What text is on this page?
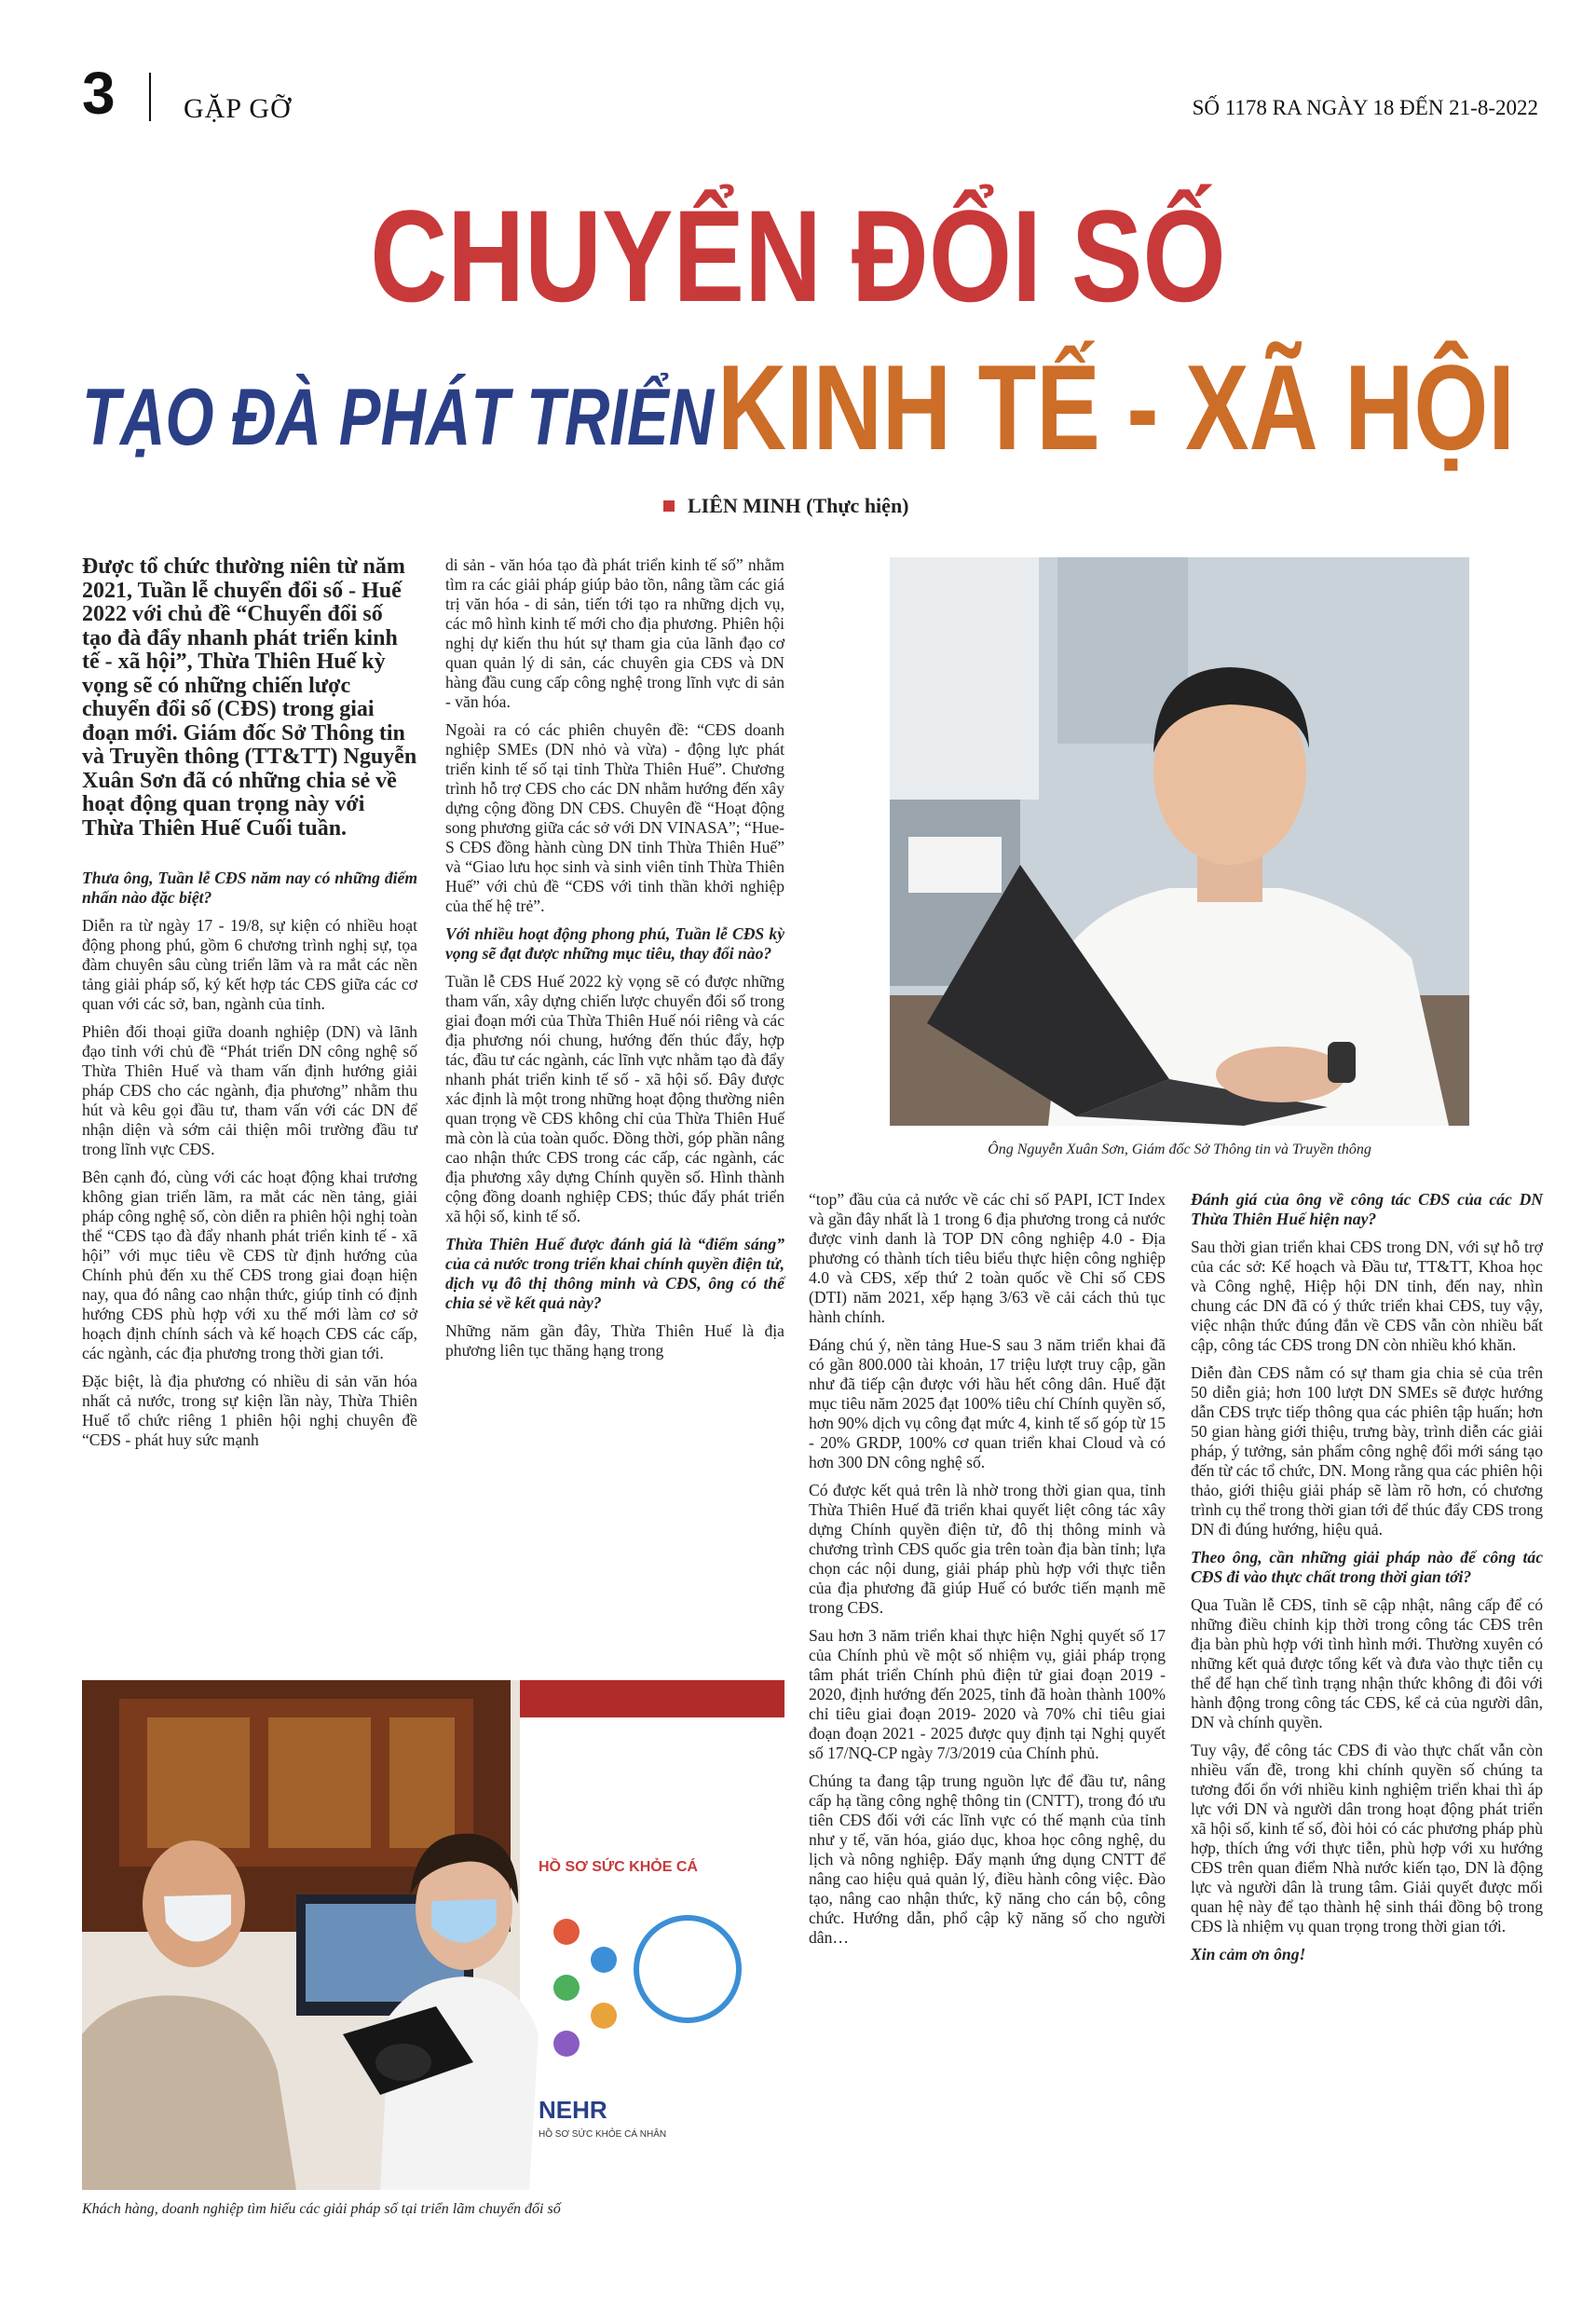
3 GẶP GỠ	SỐ 1178 RA NGÀY 18 ĐẾN 21-8-2022
CHUYỂN ĐỔI SỐ
TẠO ĐÀ PHÁT TRIỂN KINH TẾ - XÃ HỘI
LIÊN MINH (Thực hiện)

Được tổ chức thường niên từ năm 2021, Tuần lễ chuyển đổi số - Huế 2022 với chủ đề “Chuyển đổi số tạo đà đẩy nhanh phát triển kinh tế - xã hội”, Thừa Thiên Huế kỳ vọng sẽ có những chiến lược chuyển đổi số (CĐS) trong giai đoạn mới. Giám đốc Sở Thông tin và Truyền thông (TT&TT) Nguyễn Xuân Sơn đã có những chia sẻ về hoạt động quan trọng này với Thừa Thiên Huế Cuối tuần.

Thưa ông, Tuần lễ CĐS năm nay có những điểm nhấn nào đặc biệt?

Diễn ra từ ngày 17 - 19/8, sự kiện có nhiều hoạt động phong phú, gồm 6 chương trình nghị sự, tọa đàm chuyên sâu cùng triển lãm và ra mắt các nền tảng giải pháp số, ký kết hợp tác CĐS giữa các cơ quan với các sở, ban, ngành của tỉnh.

Phiên đối thoại giữa doanh nghiệp (DN) và lãnh đạo tỉnh với chủ đề “Phát triển DN công nghệ số Thừa Thiên Huế và tham vấn định hướng giải pháp CĐS cho các ngành, địa phương” nhằm thu hút và kêu gọi đầu tư, tham vấn với các DN để nhận diện và sớm cải thiện môi trường đầu tư trong lĩnh vực CĐS.

Bên cạnh đó, cùng với các hoạt động khai trương không gian triển lãm, ra mắt các nền tảng, giải pháp công nghệ số, còn diễn ra phiên hội nghị toàn thể “CĐS tạo đà đẩy nhanh phát triển kinh tế - xã hội” với mục tiêu về CĐS từ định hướng của Chính phủ đến xu thế CĐS trong giai đoạn hiện nay, qua đó nâng cao nhận thức, giúp tỉnh có định hướng CĐS phù hợp với xu thế mới làm cơ sở hoạch định chính sách và kế hoạch CĐS các cấp, các ngành, các địa phương trong thời gian tới.

Đặc biệt, là địa phương có nhiều di sản văn hóa nhất cả nước, trong sự kiện lần này, Thừa Thiên Huế tổ chức riêng 1 phiên hội nghị chuyên đề “CĐS - phát huy sức mạnh

di sản - văn hóa tạo đà phát triển kinh tế số” nhằm tìm ra các giải pháp giúp bảo tồn, nâng tầm các giá trị văn hóa - di sản, tiến tới tạo ra những dịch vụ, các mô hình kinh tế mới cho địa phương. Phiên hội nghị dự kiến thu hút sự tham gia của lãnh đạo cơ quan quản lý di sản, các chuyên gia CĐS và DN hàng đầu cung cấp công nghệ trong lĩnh vực di sản - văn hóa.

Ngoài ra có các phiên chuyên đề: “CĐS doanh nghiệp SMEs (DN nhỏ và vừa) - động lực phát triển kinh tế số tại tỉnh Thừa Thiên Huế”. Chương trình hỗ trợ CĐS cho các DN nhằm hướng đến xây dựng cộng đồng DN CĐS. Chuyên đề “Hoạt động song phương giữa các sở với DN VINASA”; “Hue-S CĐS đồng hành cùng DN tỉnh Thừa Thiên Huế” và “Giao lưu học sinh và sinh viên tỉnh Thừa Thiên Huế” với chủ đề “CĐS với tinh thần khởi nghiệp của thế hệ trẻ”.

Với nhiều hoạt động phong phú, Tuần lễ CĐS kỳ vọng sẽ đạt được những mục tiêu, thay đổi nào?

Tuần lễ CĐS Huế 2022 kỳ vọng sẽ có được những tham vấn, xây dựng chiến lược chuyển đổi số trong giai đoạn mới của Thừa Thiên Huế nói riêng và các địa phương nói chung, hướng đến thúc đẩy, hợp tác, đầu tư các ngành, các lĩnh vực nhằm tạo đà đẩy nhanh phát triển kinh tế số - xã hội số. Đây được xác định là một trong những hoạt động thường niên quan trọng về CĐS không chỉ của Thừa Thiên Huế mà còn là của toàn quốc. Đồng thời, góp phần nâng cao nhận thức CĐS trong các cấp, các ngành, các địa phương xây dựng Chính quyền số. Hình thành cộng đồng doanh nghiệp CĐS; thúc đẩy phát triển xã hội số, kinh tế số.

Thừa Thiên Huế được đánh giá là “điểm sáng” của cả nước trong triển khai chính quyền điện tử, dịch vụ đô thị thông minh và CĐS, ông có thể chia sẻ về kết quả này?

Những năm gần đây, Thừa Thiên Huế là địa phương liên tục thăng hạng trong

Ông Nguyễn Xuân Sơn, Giám đốc Sở Thông tin và Truyền thông

“top” đầu của cả nước về các chỉ số PAPI, ICT Index và gần đây nhất là 1 trong 6 địa phương trong cả nước được vinh danh là TOP DN công nghiệp 4.0 - Địa phương có thành tích tiêu biểu thực hiện công nghiệp 4.0 và CĐS, xếp thứ 2 toàn quốc về Chỉ số CĐS (DTI) năm 2021, xếp hạng 3/63 về cải cách thủ tục hành chính.

Đáng chú ý, nền tảng Hue-S sau 3 năm triển khai đã có gần 800.000 tài khoản, 17 triệu lượt truy cập, gần như đã tiếp cận được với hầu hết công dân. Huế đặt mục tiêu năm 2025 đạt 100% tiêu chí Chính quyền số, hơn 90% dịch vụ công đạt mức 4, kinh tế số góp từ 15 - 20% GRDP, 100% cơ quan triển khai Cloud và có hơn 300 DN công nghệ số.

Có được kết quả trên là nhờ trong thời gian qua, tỉnh Thừa Thiên Huế đã triển khai quyết liệt công tác xây dựng Chính quyền điện tử, đô thị thông minh và chương trình CĐS quốc gia trên toàn địa bàn tỉnh; lựa chọn các nội dung, giải pháp phù hợp với thực tiễn của địa phương đã giúp Huế có bước tiến mạnh mẽ trong CĐS.

Sau hơn 3 năm triển khai thực hiện Nghị quyết số 17 của Chính phủ về một số nhiệm vụ, giải pháp trọng tâm phát triển Chính phủ điện tử giai đoạn 2019 - 2020, định hướng đến 2025, tỉnh đã hoàn thành 100% chỉ tiêu giai đoạn 2019- 2020 và 70% chỉ tiêu giai đoạn đoạn 2021 - 2025 được quy định tại Nghị quyết số 17/NQ-CP ngày 7/3/2019 của Chính phủ.

Chúng ta đang tập trung nguồn lực để đầu tư, nâng cấp hạ tầng công nghệ thông tin (CNTT), trong đó ưu tiên CĐS đối với các lĩnh vực có thế mạnh của tỉnh như y tế, văn hóa, giáo dục, khoa học công nghệ, du lịch và nông nghiệp. Đẩy mạnh ứng dụng CNTT để nâng cao hiệu quả quản lý, điều hành công việc. Đào tạo, nâng cao nhận thức, kỹ năng cho cán bộ, công chức. Hướng dẫn, phổ cập kỹ năng số cho người dân…

Đánh giá của ông về công tác CĐS của các DN Thừa Thiên Huế hiện nay?

Sau thời gian triển khai CĐS trong DN, với sự hỗ trợ của các sở: Kế hoạch và Đầu tư, TT&TT, Khoa học và Công nghệ, Hiệp hội DN tỉnh, đến nay, nhìn chung các DN đã có ý thức triển khai CĐS, tuy vậy, việc nhận thức đúng đắn về CĐS vẫn còn nhiều bất cập, công tác CĐS trong DN còn nhiều khó khăn.

Diễn đàn CĐS nằm có sự tham gia chia sẻ của trên 50 diễn giả; hơn 100 lượt DN SMEs sẽ được hướng dẫn CĐS trực tiếp thông qua các phiên tập huấn; hơn 50 gian hàng giới thiệu, trưng bày, trình diễn các giải pháp, ý tưởng, sản phẩm công nghệ đổi mới sáng tạo đến từ các tổ chức, DN. Mong rằng qua các phiên hội thảo, giới thiệu giải pháp sẽ làm rõ hơn, có chương trình cụ thể trong thời gian tới để thúc đẩy CĐS trong DN đi đúng hướng, hiệu quả.

Theo ông, cần những giải pháp nào để công tác CĐS đi vào thực chất trong thời gian tới?

Qua Tuần lễ CĐS, tỉnh sẽ cập nhật, nâng cấp để có những điều chỉnh kịp thời trong công tác CĐS trên địa bàn phù hợp với tình hình mới. Thường xuyên có những kết quả được tổng kết và đưa vào thực tiễn cụ thể để hạn chế tình trạng nhận thức không đi đôi với hành động trong công tác CĐS, kể cả của người dân, DN và chính quyền.

Tuy vậy, để công tác CĐS đi vào thực chất vẫn còn nhiều vấn đề, trong khi chính quyền số chúng ta tương đối ổn với nhiều kinh nghiệm triển khai thì áp lực với DN và người dân trong hoạt động phát triển xã hội số, kinh tế số, đòi hỏi có các phương pháp phù hợp, thích ứng với thực tiễn, phù hợp với xu hướng CĐS trên quan điểm Nhà nước kiến tạo, DN là động lực và người dân là trung tâm. Giải quyết được mối quan hệ này để tạo thành hệ sinh thái đồng bộ trong CĐS là nhiệm vụ quan trọng trong thời gian tới.

Xin cảm ơn ông!

HỒ SƠ SỨC KHỎE CÁ
NEHR
HỒ SƠ SỨC KHỎE CÁ NHÂN
Khách hàng, doanh nghiệp tìm hiểu các giải pháp số tại triển lãm chuyển đổi số
